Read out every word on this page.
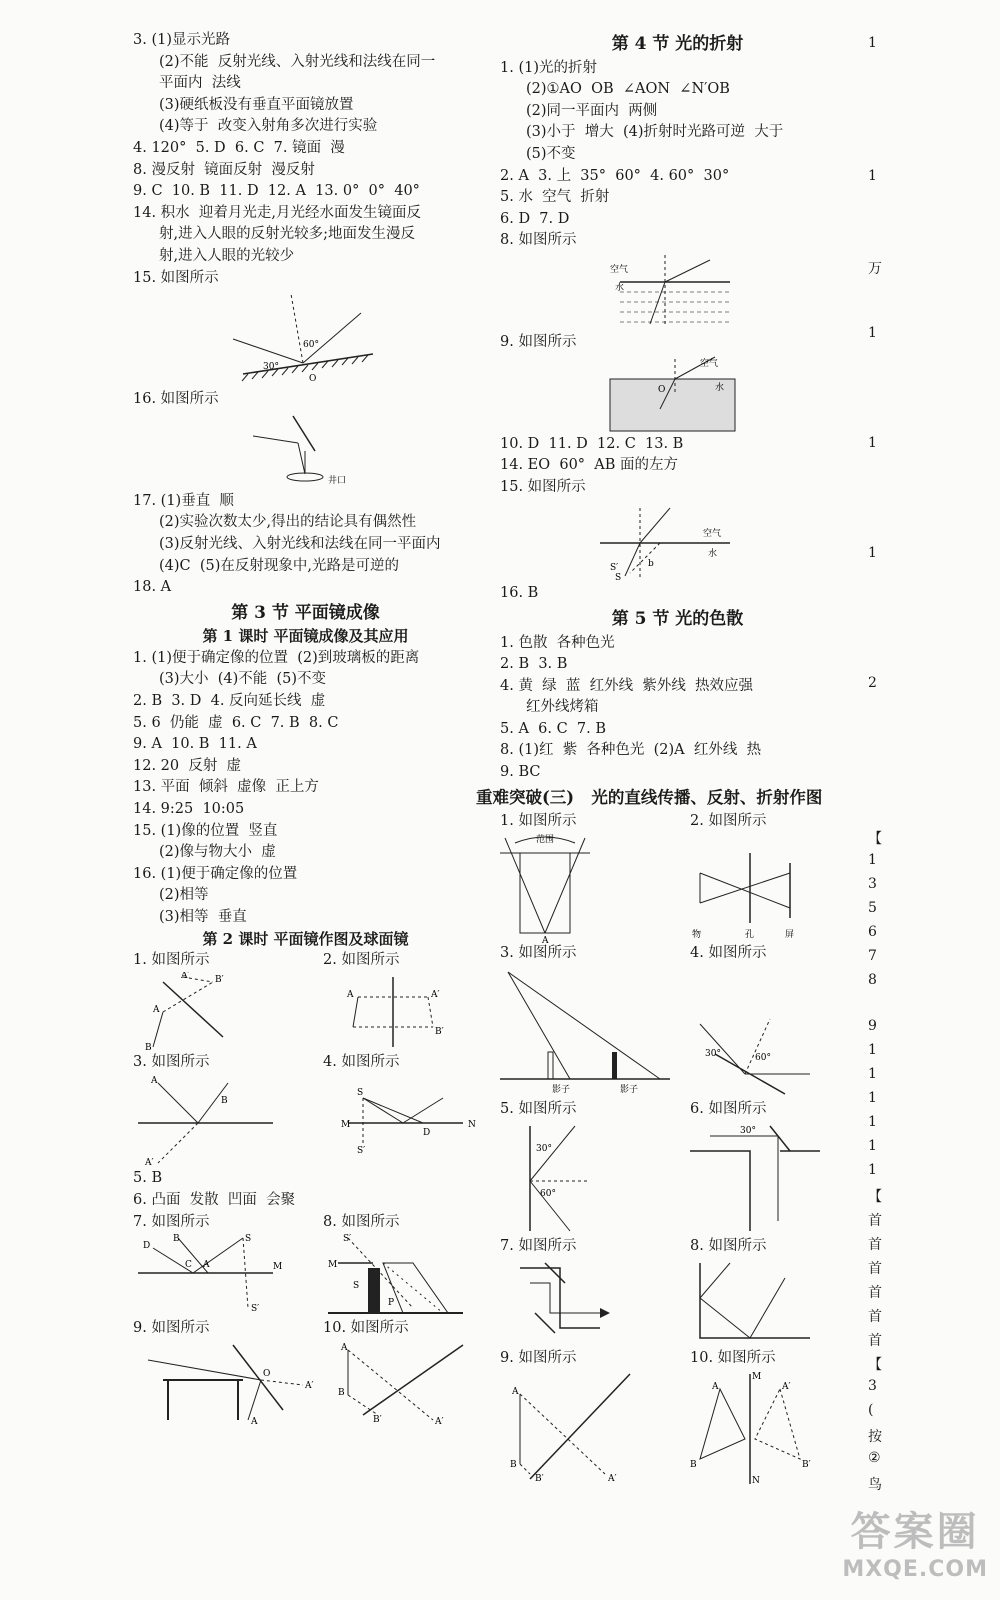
3. (1)显示光路
(2)不能  反射光线、入射光线和法线在同一
平面内  法线
(3)硬纸板没有垂直平面镜放置
(4)等于  改变入射角多次进行实验
4. 120°  5. D  6. C  7. 镜面  漫
8. 漫反射  镜面反射  漫反射
9. C  10. B  11. D  12. A  13. 0°  0°  40°
14. 积水  迎着月光走,月光经水面发生镜面反
射,进入人眼的反射光较多;地面发生漫反
射,进入人眼的光较少
15. 如图所示
30°
60°
O
16. 如图所示
井口
17. (1)垂直  顺
(2)实验次数太少,得出的结论具有偶然性
(3)反射光线、入射光线和法线在同一平面内
(4)C  (5)在反射现象中,光路是可逆的
18. A
第 3 节 平面镜成像
第 1 课时 平面镜成像及其应用
1. (1)便于确定像的位置  (2)到玻璃板的距离
(3)大小  (4)不能  (5)不变
2. B  3. D  4. 反向延长线  虚
5. 6  仍能  虚  6. C  7. B  8. C
9. A  10. B  11. A
12. 20  反射  虚
13. 平面  倾斜  虚像  正上方
14. 9:25  10:05
15. (1)像的位置  竖直
(2)像与物大小  虚
16. (1)便于确定像的位置
(2)相等
(3)相等  垂直
第 2 课时 平面镜作图及球面镜
1. 如图所示
A′	B′
A
B
2. 如图所示
A	A′
B′
3. 如图所示
A
B
A′
4. 如图所示
S
M	N
D
S′
5. B
6. 凸面  发散  凹面  会聚
7. 如图所示
D
B	S
C A	M
S′
8. 如图所示
S′
M
S
P
9. 如图所示
O
A′
A
10. 如图所示
A
B
B′	A′
第 4 节 光的折射
1. (1)光的折射
(2)①AO  OB  ∠AON  ∠N′OB
(2)同一平面内  两侧
(3)小于  增大  (4)折射时光路可逆  大于
(5)不变
2. A  3. 上  35°  60°  4. 60°  30°
5. 水  空气  折射
6. D  7. D
8. 如图所示
空气
水
9. 如图所示
空气
水
O
10. D  11. D  12. C  13. B
14. EO  60°  AB 面的左方
15. 如图所示
空气
水
S′
S
b
16. B
第 5 节 光的色散
1. 色散  各种色光
2. B  3. B
4. 黄  绿  蓝  红外线  紫外线  热效应强
红外线烤箱
5. A  6. C  7. B
8. (1)红  紫  各种色光  (2)A  红外线  热
9. BC
重难突破(三)   光的直线传播、反射、折射作图
1. 如图所示
范围
A
2. 如图所示
物	孔	屏
3. 如图所示
影子	影子
4. 如图所示
30°	60°
5. 如图所示
30°
60°
6. 如图所示
30°
7. 如图所示	8. 如图所示
9. 如图所示
A
B
B′	A′
10. 如图所示
A	A′
M
N
B	B′
1
1
万
1
1
1
2
【
1
3
5
6
7
8
9
1
1
1
1
1
1
【
首
首
首
首
首
首
【
3
(
按
②
鸟
答案圈
MXQE.COM
